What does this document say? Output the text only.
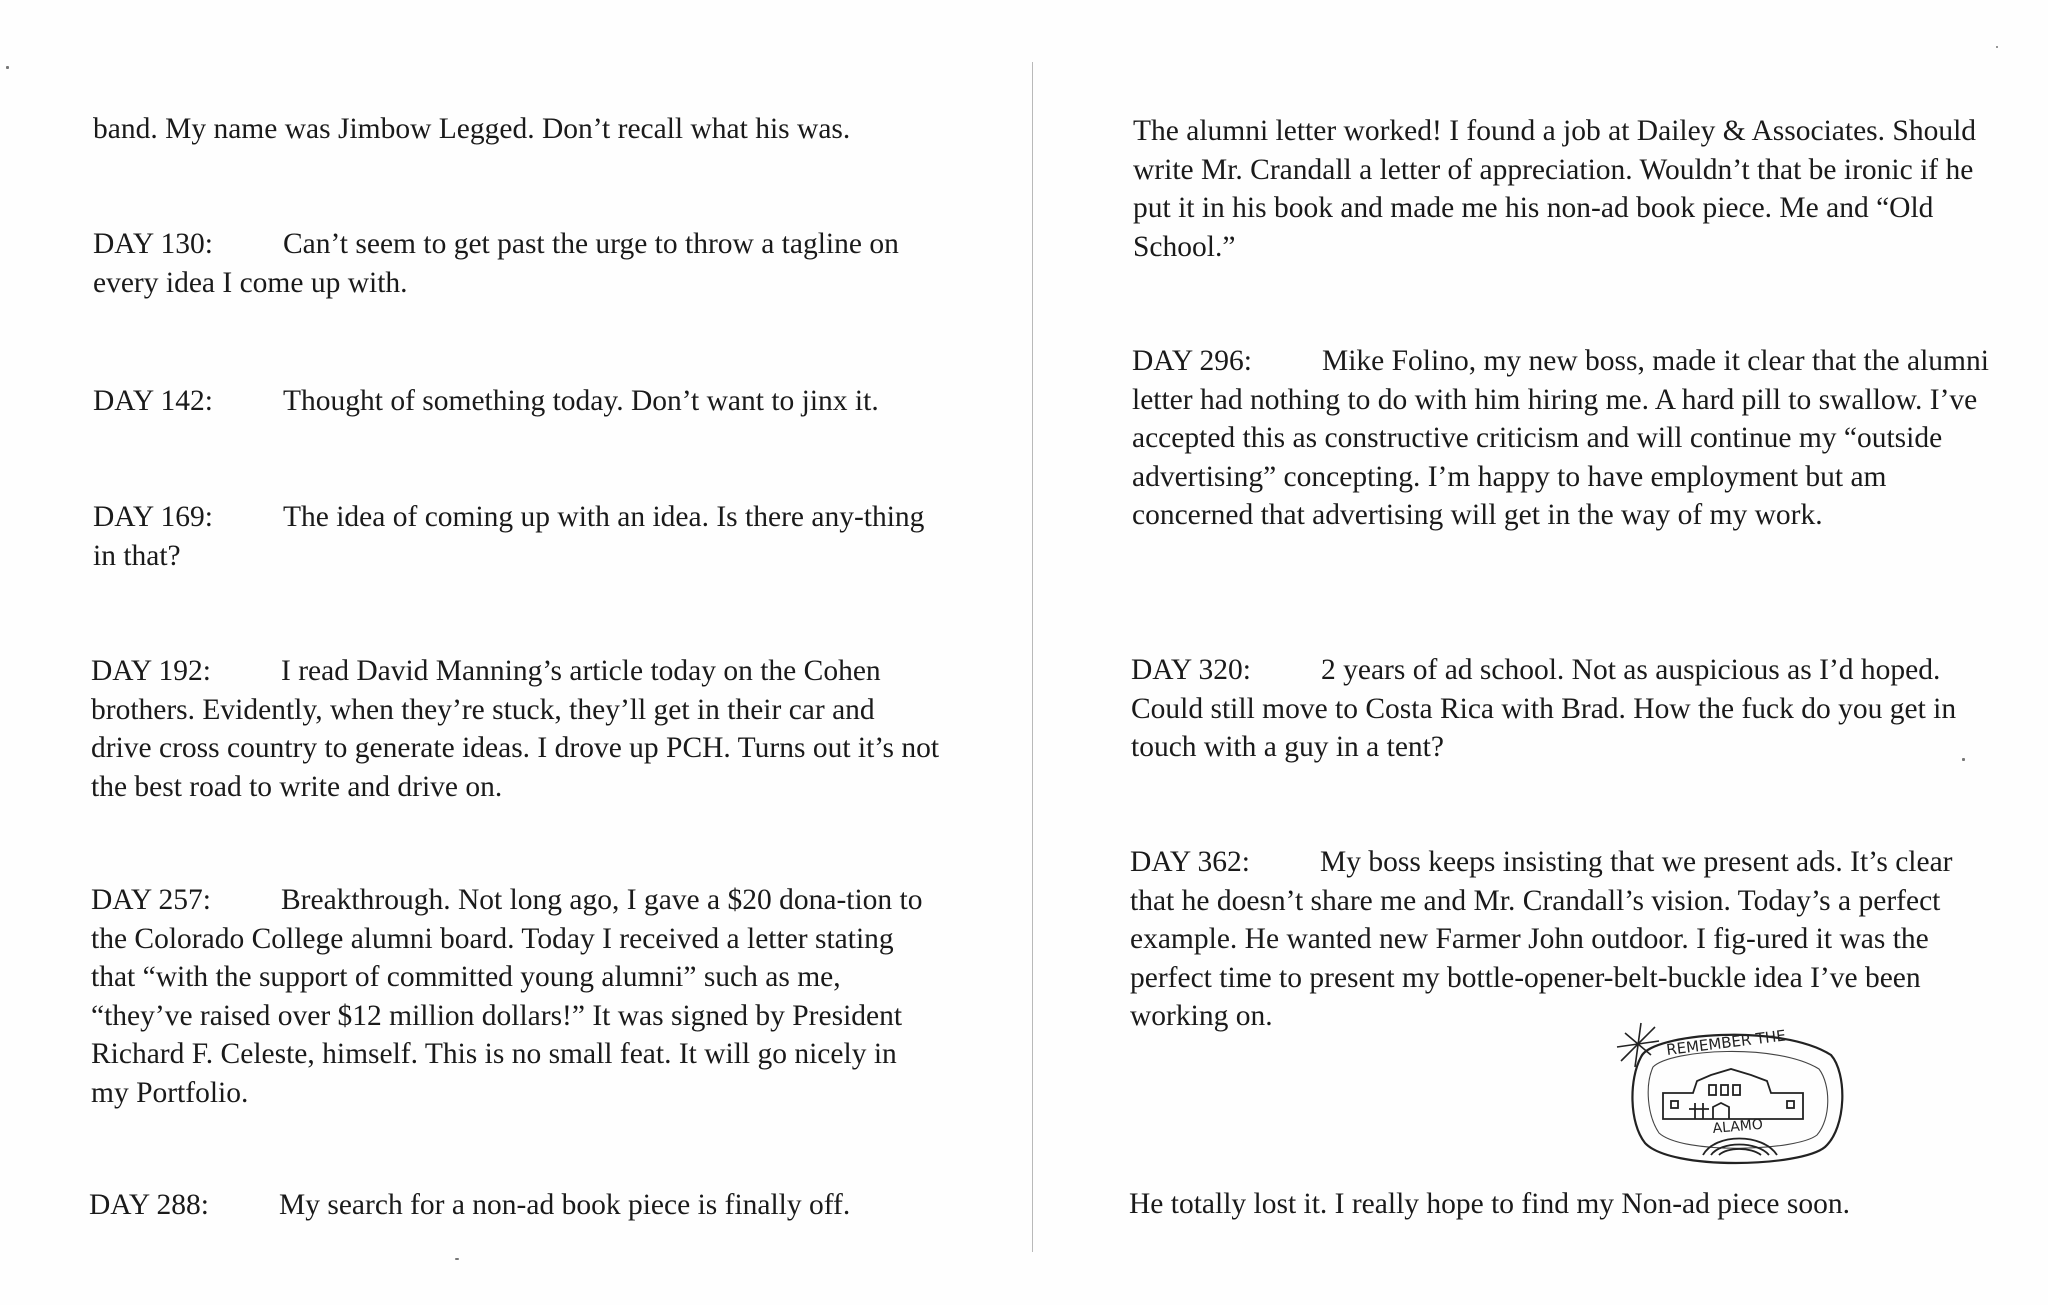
band. My name was Jimbow Legged. Don’t recall what his was.

DAY 130: Can’t seem to get past the urge to throw a tagline on every idea I come up with.

DAY 142: Thought of something today. Don’t want to jinx it.

DAY 169: The idea of coming up with an idea. Is there any-thing in that?

DAY 192: I read David Manning’s article today on the Cohen brothers. Evidently, when they’re stuck, they’ll get in their car and drive cross country to generate ideas. I drove up PCH. Turns out it’s not the best road to write and drive on.

DAY 257: Breakthrough. Not long ago, I gave a $20 dona-tion to the Colorado College alumni board. Today I received a letter stating that “with the support of committed young alumni” such as me, “they’ve raised over $12 million dollars!” It was signed by President Richard F. Celeste, himself. This is no small feat. It will go nicely in my Portfolio.

DAY 288: My search for a non-ad book piece is finally off.

The alumni letter worked! I found a job at Dailey & Associates. Should write Mr. Crandall a letter of appreciation. Wouldn’t that be ironic if he put it in his book and made me his non-ad book piece. Me and “Old School.”

DAY 296: Mike Folino, my new boss, made it clear that the alumni letter had nothing to do with him hiring me. A hard pill to swallow. I’ve accepted this as constructive criticism and will continue my “outside advertising” concepting. I’m happy to have employment but am concerned that advertising will get in the way of my work.

DAY 320: 2 years of ad school. Not as auspicious as I’d hoped. Could still move to Costa Rica with Brad. How the fuck do you get in touch with a guy in a tent?

DAY 362: My boss keeps insisting that we present ads. It’s clear that he doesn’t share me and Mr. Crandall’s vision. Today’s a perfect example. He wanted new Farmer John outdoor. I fig-ured it was the perfect time to present my bottle-opener-belt-buckle idea I’ve been working on.

REMEMBER THE
ALAMO

He totally lost it. I really hope to find my Non-ad piece soon.
